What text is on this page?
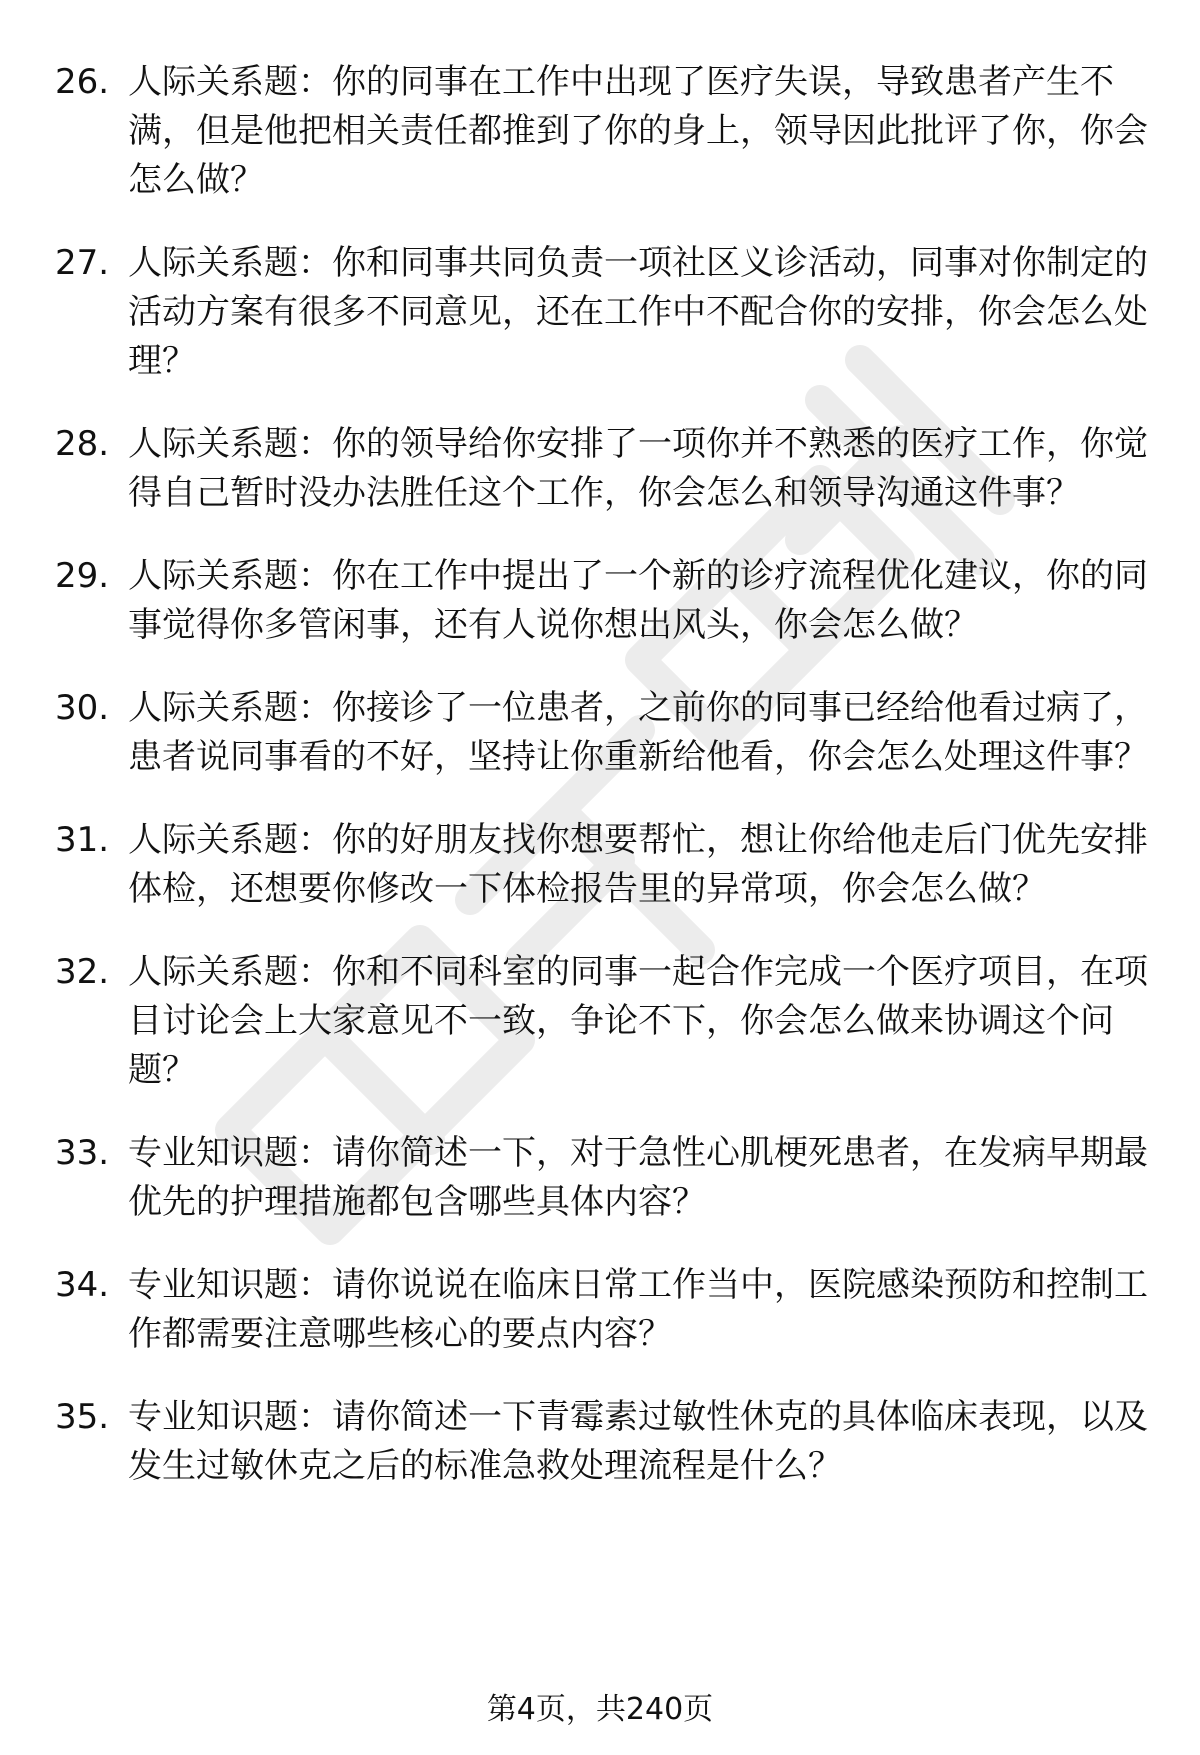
26. 人际关系题：你的同事在工作中出现了医疗失误，导致患者产生不满，但是他把相关责任都推到了你的身上，领导因此批评了你，你会怎么做？
27. 人际关系题：你和同事共同负责一项社区义诊活动，同事对你制定的活动方案有很多不同意见，还在工作中不配合你的安排，你会怎么处理？
28. 人际关系题：你的领导给你安排了一项你并不熟悉的医疗工作，你觉得自己暂时没办法胜任这个工作，你会怎么和领导沟通这件事？
29. 人际关系题：你在工作中提出了一个新的诊疗流程优化建议，你的同事觉得你多管闲事，还有人说你想出风头，你会怎么做？
30. 人际关系题：你接诊了一位患者，之前你的同事已经给他看过病了，患者说同事看的不好，坚持让你重新给他看，你会怎么处理这件事？
31. 人际关系题：你的好朋友找你想要帮忙，想让你给他走后门优先安排体检，还想要你修改一下体检报告里的异常项，你会怎么做？
32. 人际关系题：你和不同科室的同事一起合作完成一个医疗项目，在项目讨论会上大家意见不一致，争论不下，你会怎么做来协调这个问题？
33. 专业知识题：请你简述一下，对于急性心肌梗死患者，在发病早期最优先的护理措施都包含哪些具体内容？
34. 专业知识题：请你说说在临床日常工作当中，医院感染预防和控制工作都需要注意哪些核心的要点内容？
35. 专业知识题：请你简述一下青霉素过敏性休克的具体临床表现，以及发生过敏休克之后的标准急救处理流程是什么？
第4页，共240页
